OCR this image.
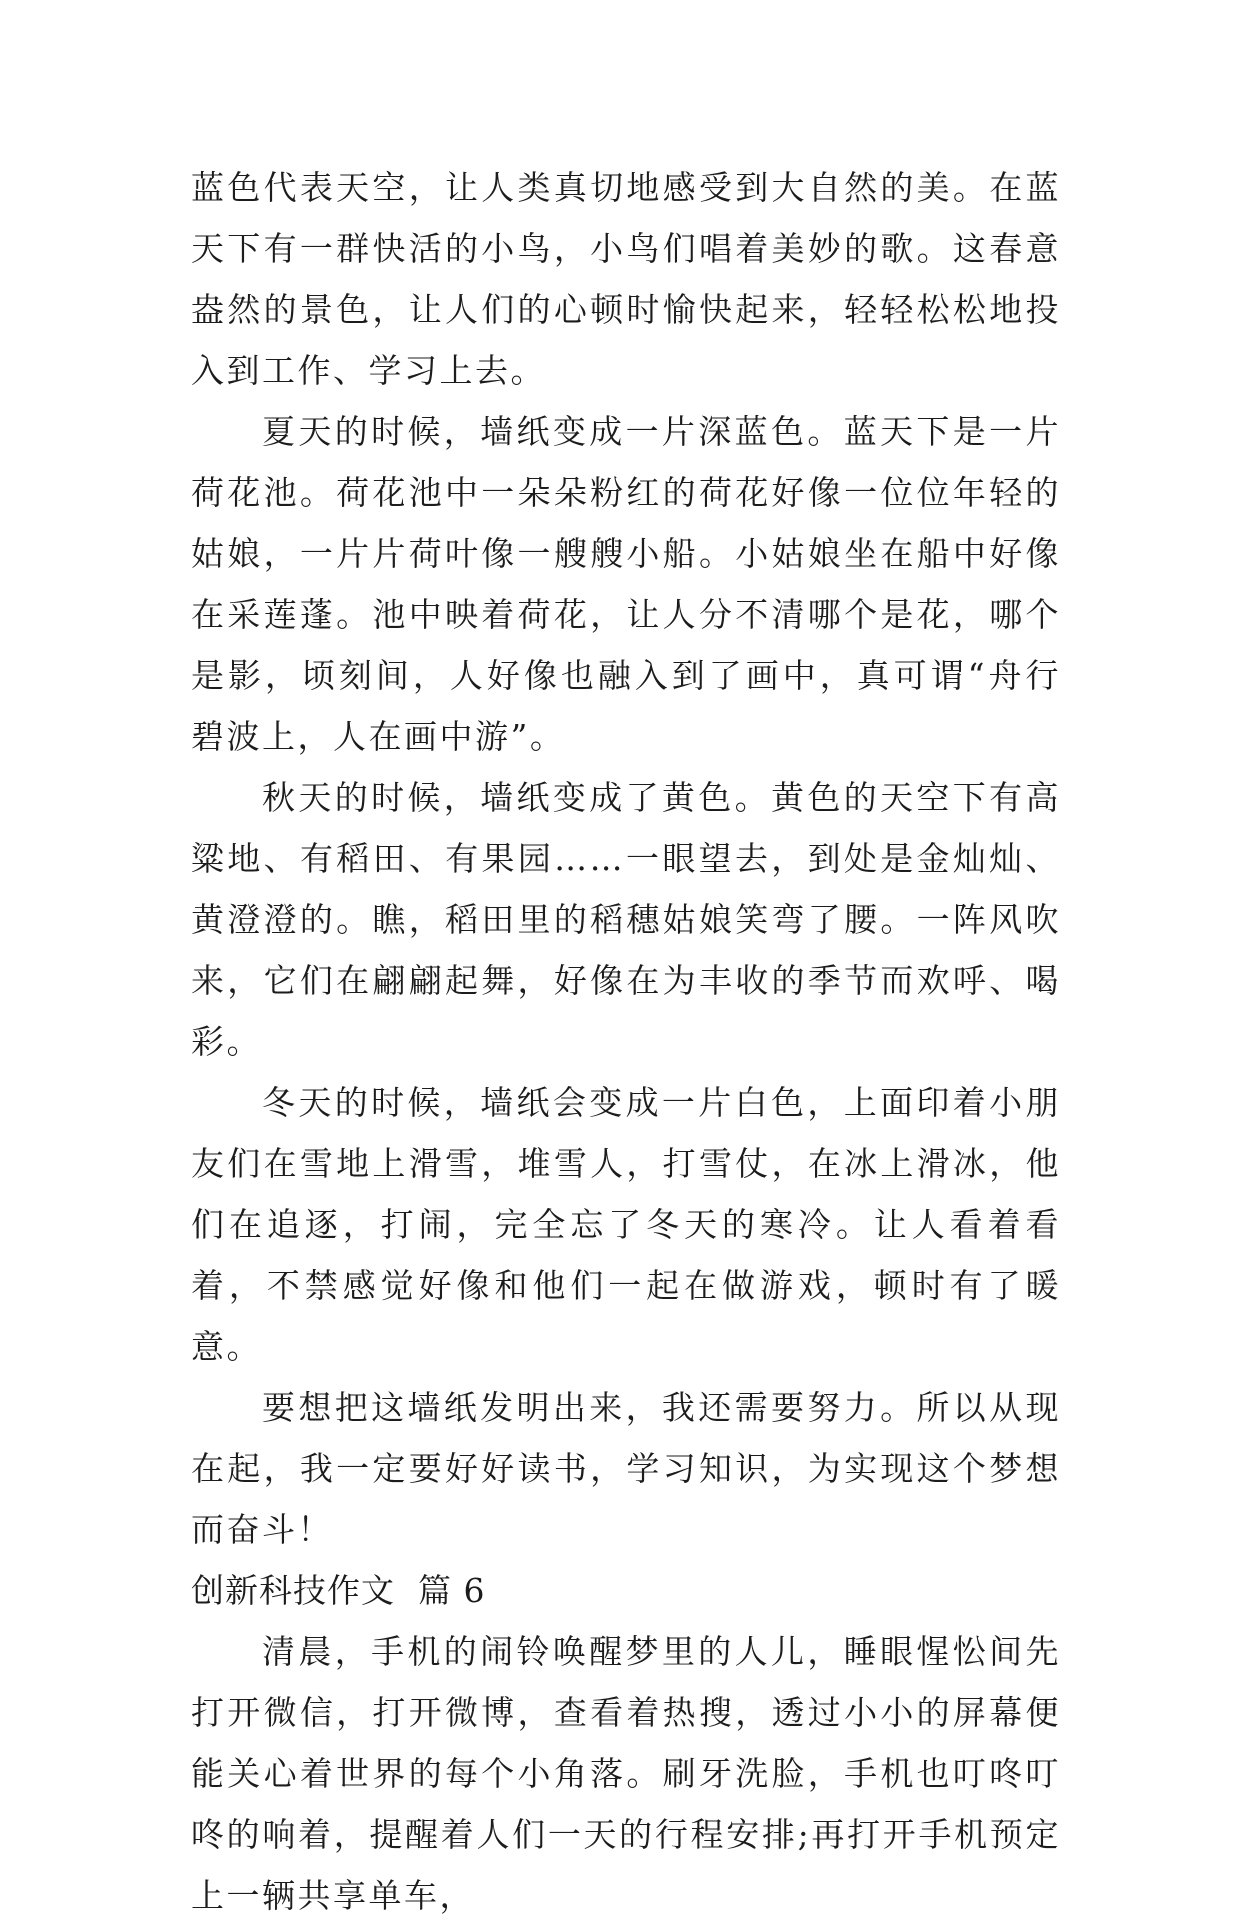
蓝色代表天空，让人类真切地感受到大自然的美。在蓝天下有一群快活的小鸟，小鸟们唱着美妙的歌。这春意盎然的景色，让人们的心顿时愉快起来，轻轻松松地投入到工作、学习上去。

夏天的时候，墙纸变成一片深蓝色。蓝天下是一片荷花池。荷花池中一朵朵粉红的荷花好像一位位年轻的姑娘，一片片荷叶像一艘艘小船。小姑娘坐在船中好像在采莲蓬。池中映着荷花，让人分不清哪个是花，哪个是影，顷刻间，人好像也融入到了画中，真可谓“舟行碧波上，人在画中游”。

秋天的时候，墙纸变成了黄色。黄色的天空下有高粱地、有稻田、有果园……一眼望去，到处是金灿灿、黄澄澄的。瞧，稻田里的稻穗姑娘笑弯了腰。一阵风吹来，它们在翩翩起舞，好像在为丰收的季节而欢呼、喝彩。

冬天的时候，墙纸会变成一片白色，上面印着小朋友们在雪地上滑雪，堆雪人，打雪仗，在冰上滑冰，他们在追逐，打闹，完全忘了冬天的寒冷。让人看着看着，不禁感觉好像和他们一起在做游戏，顿时有了暖意。

要想把这墙纸发明出来，我还需要努力。所以从现在起，我一定要好好读书，学习知识，为实现这个梦想而奋斗！

创新科技作文  篇 6

清晨，手机的闹铃唤醒梦里的人儿，睡眼惺忪间先打开微信，打开微博，查看着热搜，透过小小的屏幕便能关心着世界的每个小角落。刷牙洗脸，手机也叮咚叮咚的响着，提醒着人们一天的行程安排;再打开手机预定上一辆共享单车，
